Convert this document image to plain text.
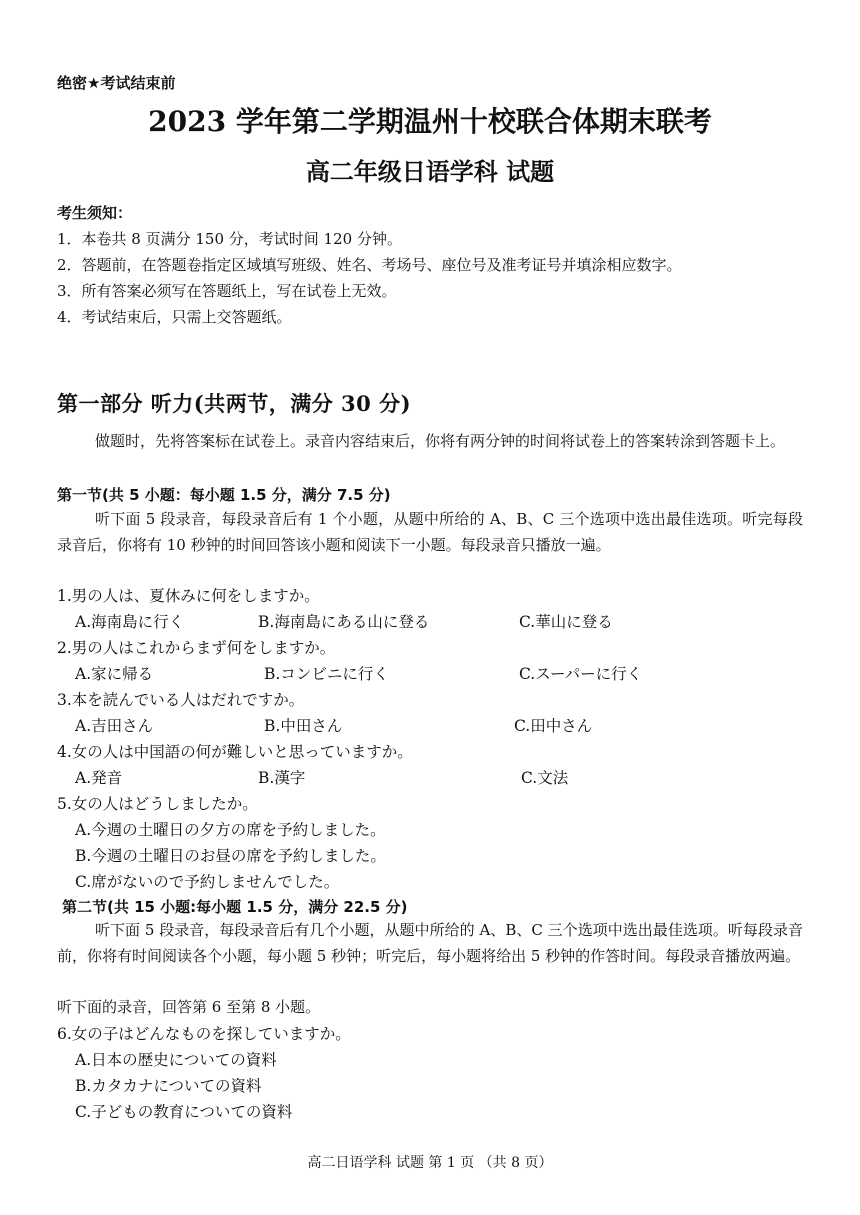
绝密★考试结束前
2023 学年第二学期温州十校联合体期末联考
高二年级日语学科 试题
考生须知：
1．本卷共 8 页满分 150 分，考试时间 120 分钟。
2．答题前，在答题卷指定区域填写班级、姓名、考场号、座位号及准考证号并填涂相应数字。
3．所有答案必须写在答题纸上，写在试卷上无效。
4．考试结束后，只需上交答题纸。
第一部分 听力(共两节，满分 30 分)
做题时，先将答案标在试卷上。录音内容结束后，你将有两分钟的时间将试卷上的答案转涂到答题卡上。
第一节(共 5 小题：每小题 1.5 分，满分 7.5 分)
听下面 5 段录音，每段录音后有 1 个小题，从题中所给的 A、B、C 三个选项中选出最佳选项。听完每段录音后，你将有 10 秒钟的时间回答该小题和阅读下一小题。每段录音只播放一遍。
1.男の人は、夏休みに何をしますか。
A.海南島に行く	B.海南島にある山に登る	C.華山に登る
2.男の人はこれからまず何をしますか。
A.家に帰る	B.コンビニに行く	C.スーパーに行く
3.本を読んでいる人はだれですか。
A.吉田さん	B.中田さん	C.田中さん
4.女の人は中国語の何が難しいと思っていますか。
A.発音	B.漢字	C.文法
5.女の人はどうしましたか。
A.今週の土曜日の夕方の席を予約しました。
B.今週の土曜日のお昼の席を予約しました。
C.席がないので予約しませんでした。
第二节(共 15 小题:每小题 1.5 分，满分 22.5 分)
听下面 5 段录音，每段录音后有几个小题，从题中所给的 A、B、C 三个选项中选出最佳选项。听每段录音前，你将有时间阅读各个小题，每小题 5 秒钟；听完后，每小题将给出 5 秒钟的作答时间。每段录音播放两遍。
听下面的录音，回答第 6 至第 8 小题。
6.女の子はどんなものを探していますか。
A.日本の歴史についての資料
B.カタカナについての資料
C.子どもの教育についての資料
高二日语学科 试题 第 1 页 （共 8 页）
